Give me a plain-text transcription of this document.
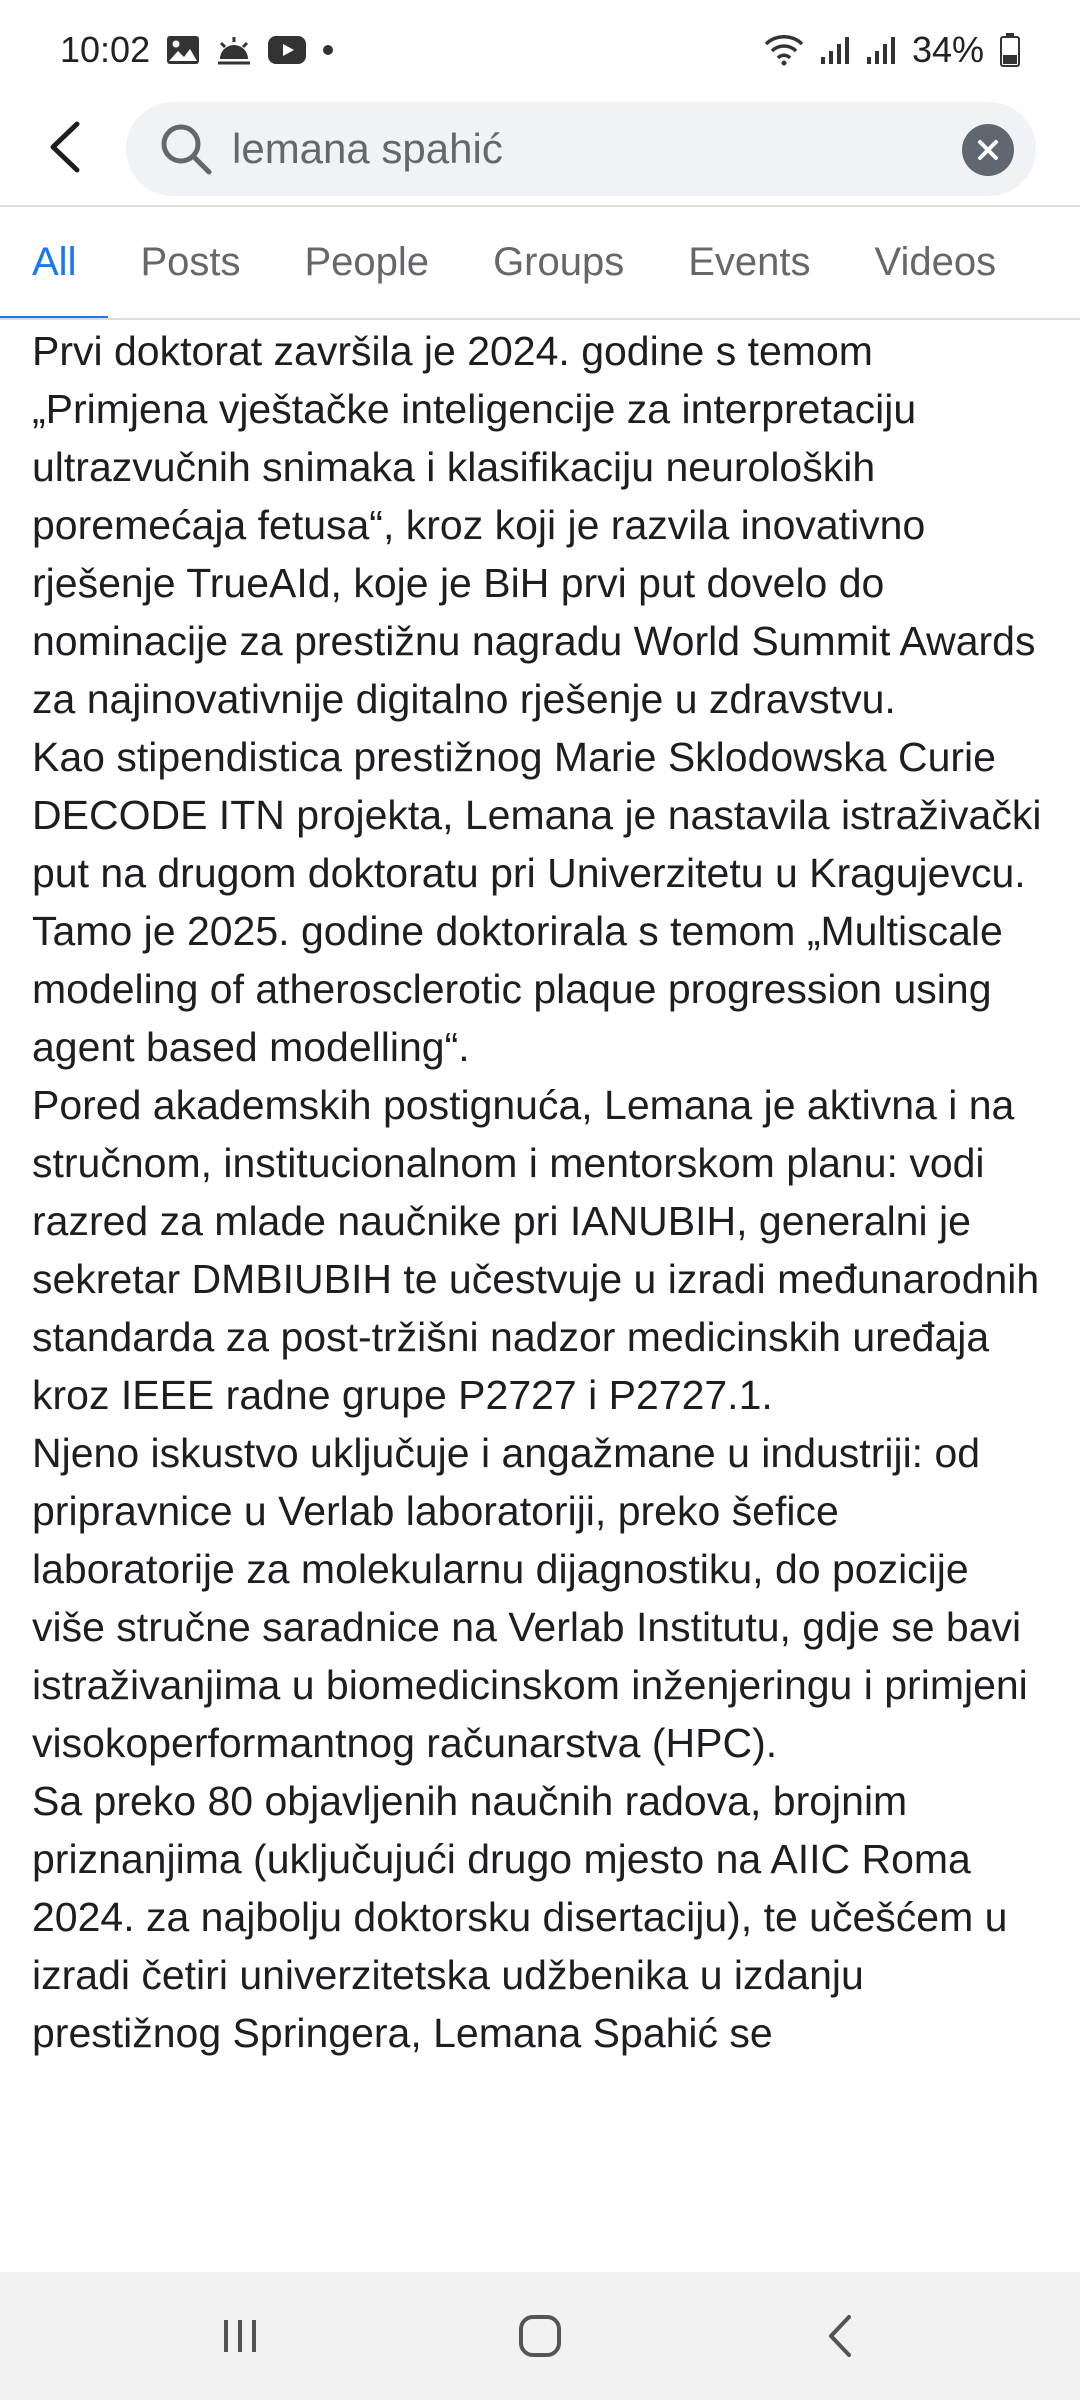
10:02	34%
lemana spahić
All	Posts	People	Groups	Events	Videos

Prvi doktorat završila je 2024. godine s temom „Primjena vještačke inteligencije za interpretaciju ultrazvučnih snimaka i klasifikaciju neuroloških poremećaja fetusa“, kroz koji je razvila inovativno rješenje TrueAId, koje je BiH prvi put dovelo do nominacije za prestižnu nagradu World Summit Awards za najinovativnije digitalno rješenje u zdravstvu.

Kao stipendistica prestižnog Marie Sklodowska Curie DECODE ITN projekta, Lemana je nastavila istraživački put na drugom doktoratu pri Univerzitetu u Kragujevcu. Tamo je 2025. godine doktorirala s temom „Multiscale modeling of atherosclerotic plaque progression using agent based modelling“.

Pored akademskih postignuća, Lemana je aktivna i na stručnom, institucionalnom i mentorskom planu: vodi razred za mlade naučnike pri IANUBIH, generalni je sekretar DMBIUBIH te učestvuje u izradi međunarodnih standarda za post-tržišni nadzor medicinskih uređaja kroz IEEE radne grupe P2727 i P2727.1.

Njeno iskustvo uključuje i angažmane u industriji: od pripravnice u Verlab laboratoriji, preko šefice laboratorije za molekularnu dijagnostiku, do pozicije više stručne saradnice na Verlab Institutu, gdje se bavi istraživanjima u biomedicinskom inženjeringu i primjeni visokoperformantnog računarstva (HPC).

Sa preko 80 objavljenih naučnih radova, brojnim priznanjima (uključujući drugo mjesto na AIIC Roma 2024. za najbolju doktorsku disertaciju), te učešćem u izradi četiri univerzitetska udžbenika u izdanju prestižnog Springera, Lemana Spahić se
